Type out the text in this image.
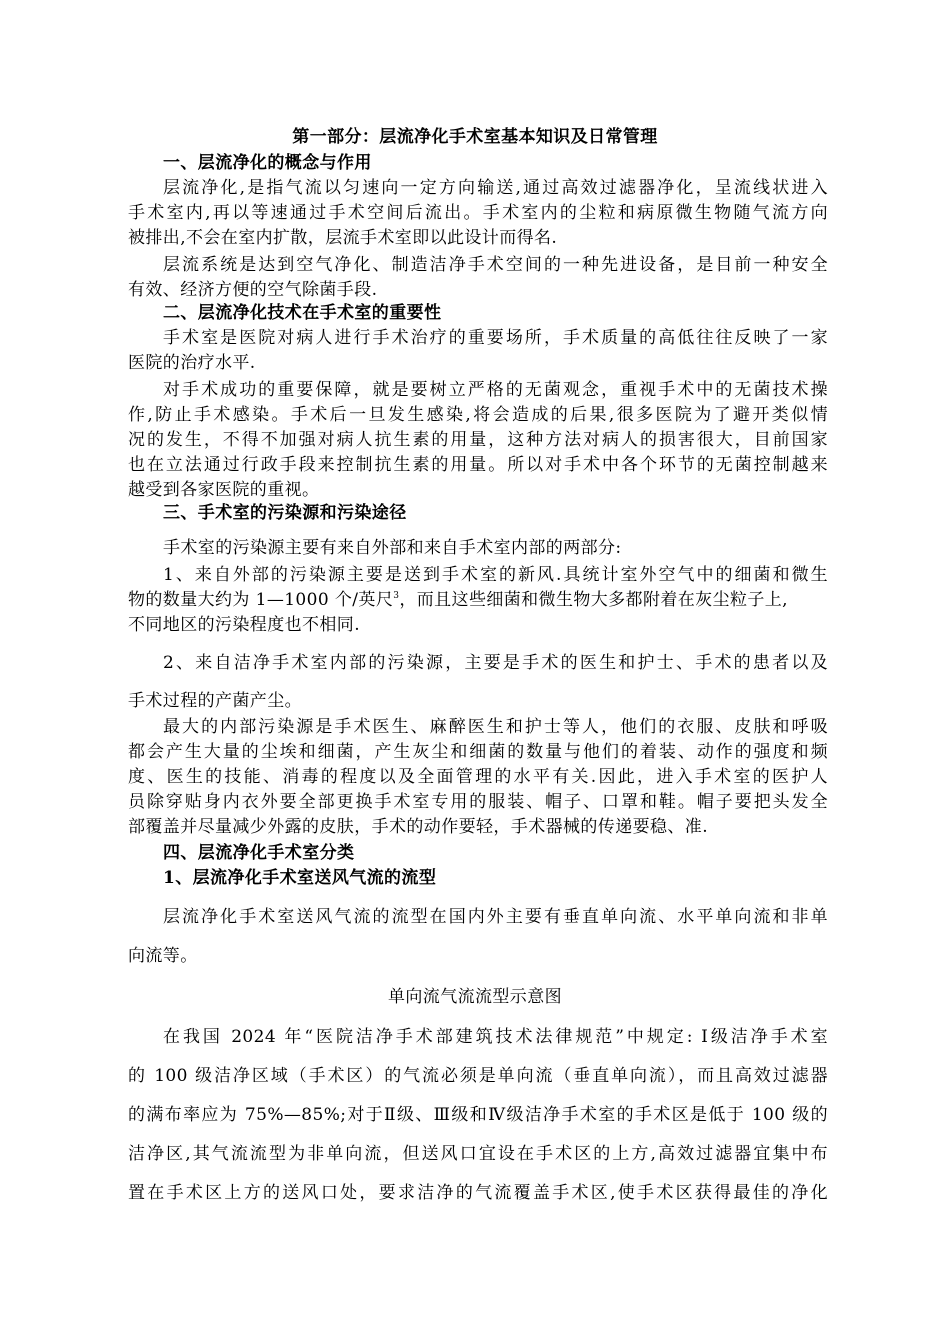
第一部分：层流净化手术室基本知识及日常管理
一、层流净化的概念与作用
层流净化,是指气流以匀速向一定方向输送,通过高效过滤器净化，呈流线状进入
手术室内,再以等速通过手术空间后流出。手术室内的尘粒和病原微生物随气流方向
被排出,不会在室内扩散，层流手术室即以此设计而得名.
层流系统是达到空气净化、制造洁净手术空间的一种先进设备，是目前一种安全
有效、经济方便的空气除菌手段.
二、层流净化技术在手术室的重要性
手术室是医院对病人进行手术治疗的重要场所，手术质量的高低往往反映了一家
医院的治疗水平.
对手术成功的重要保障，就是要树立严格的无菌观念，重视手术中的无菌技术操
作,防止手术感染。手术后一旦发生感染,将会造成的后果,很多医院为了避开类似情
况的发生，不得不加强对病人抗生素的用量，这种方法对病人的损害很大，目前国家
也在立法通过行政手段来控制抗生素的用量。所以对手术中各个环节的无菌控制越来
越受到各家医院的重视。
三、手术室的污染源和污染途径
手术室的污染源主要有来自外部和来自手术室内部的两部分:
1、来自外部的污染源主要是送到手术室的新风.具统计室外空气中的细菌和微生
物的数量大约为 1—1000 个/英尺$^3$，而且这些细菌和微生物大多都附着在灰尘粒子上,
不同地区的污染程度也不相同.
2、来自洁净手术室内部的污染源，主要是手术的医生和护士、手术的患者以及
手术过程的产菌产尘。
最大的内部污染源是手术医生、麻醉医生和护士等人，他们的衣服、皮肤和呼吸
都会产生大量的尘埃和细菌，产生灰尘和细菌的数量与他们的着装、动作的强度和频
度、医生的技能、消毒的程度以及全面管理的水平有关.因此，进入手术室的医护人
员除穿贴身内衣外要全部更换手术室专用的服装、帽子、口罩和鞋。帽子要把头发全
部覆盖并尽量减少外露的皮肤，手术的动作要轻，手术器械的传递要稳、准.
四、层流净化手术室分类
1、层流净化手术室送风气流的流型
层流净化手术室送风气流的流型在国内外主要有垂直单向流、水平单向流和非单
向流等。
单向流气流流型示意图
在我国 2024 年“医院洁净手术部建筑技术法律规范”中规定: Ⅰ级洁净手术室
的 100 级洁净区域（手术区）的气流必须是单向流（垂直单向流），而且高效过滤器
的满布率应为 75%—85%;对于Ⅱ级、Ⅲ级和Ⅳ级洁净手术室的手术区是低于 100 级的
洁净区,其气流流型为非单向流，但送风口宜设在手术区的上方,高效过滤器宜集中布
置在手术区上方的送风口处，要求洁净的气流覆盖手术区,使手术区获得最佳的净化
